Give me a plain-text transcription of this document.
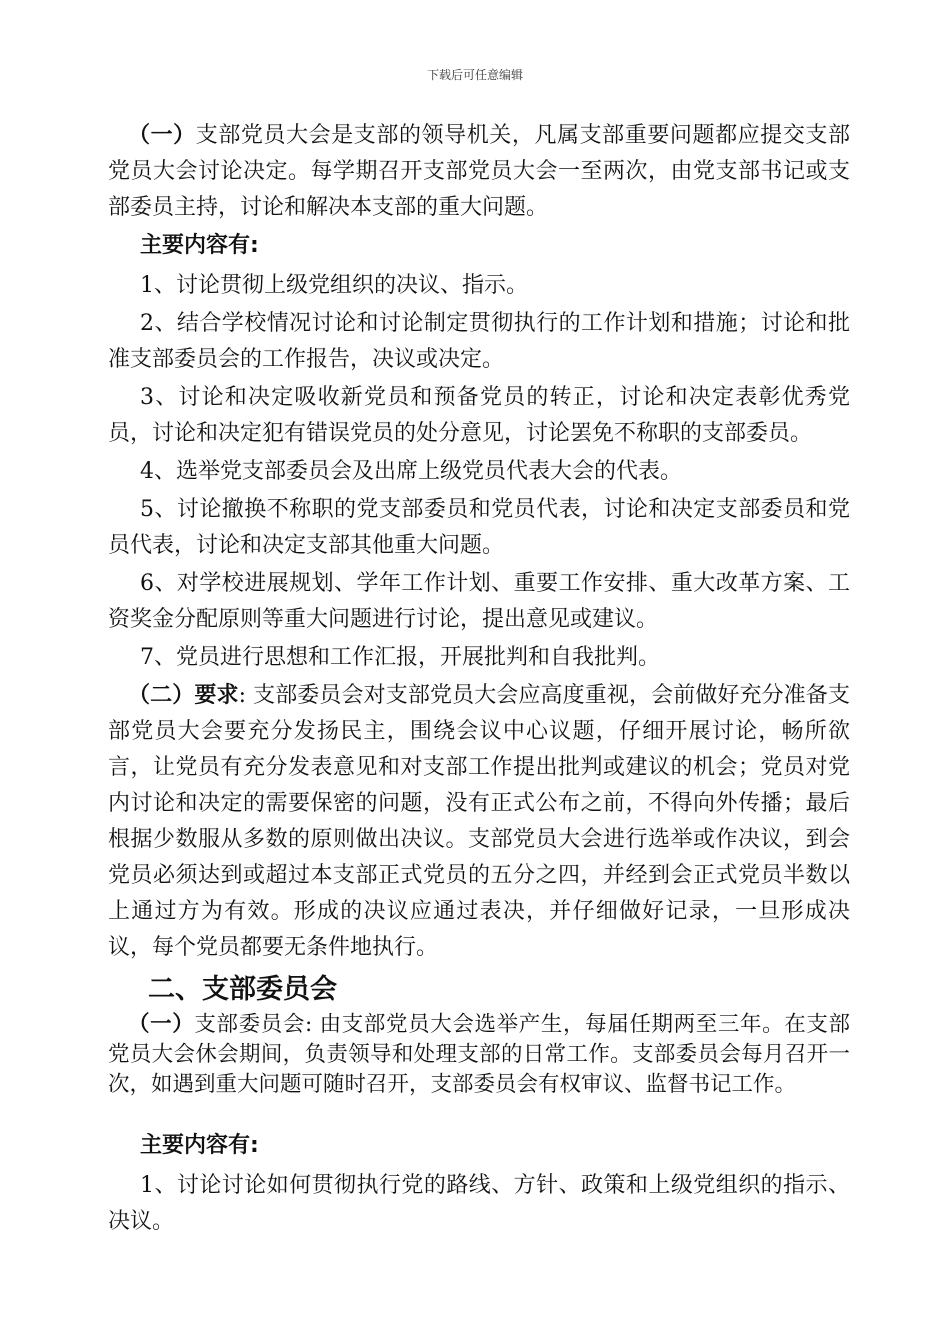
下载后可任意编辑

（一）支部党员大会是支部的领导机关，凡属支部重要问题都应提交支部党员大会讨论决定。每学期召开支部党员大会一至两次，由党支部书记或支部委员主持，讨论和解决本支部的重大问题。

主要内容有:

1、讨论贯彻上级党组织的决议、指示。

2、结合学校情况讨论和讨论制定贯彻执行的工作计划和措施；讨论和批准支部委员会的工作报告，决议或决定。

3、讨论和决定吸收新党员和预备党员的转正，讨论和决定表彰优秀党员，讨论和决定犯有错误党员的处分意见，讨论罢免不称职的支部委员。

4、选举党支部委员会及出席上级党员代表大会的代表。

5、讨论撤换不称职的党支部委员和党员代表，讨论和决定支部委员和党员代表，讨论和决定支部其他重大问题。

6、对学校进展规划、学年工作计划、重要工作安排、重大改革方案、工资奖金分配原则等重大问题进行讨论，提出意见或建议。

7、党员进行思想和工作汇报，开展批判和自我批判。

（二）要求: 支部委员会对支部党员大会应高度重视，会前做好充分准备支部党员大会要充分发扬民主，围绕会议中心议题，仔细开展讨论，畅所欲言，让党员有充分发表意见和对支部工作提出批判或建议的机会；党员对党内讨论和决定的需要保密的问题，没有正式公布之前，不得向外传播；最后根据少数服从多数的原则做出决议。支部党员大会进行选举或作决议，到会党员必须达到或超过本支部正式党员的五分之四，并经到会正式党员半数以上通过方为有效。形成的决议应通过表决，并仔细做好记录，一旦形成决议，每个党员都要无条件地执行。

二、支部委员会

（一）支部委员会: 由支部党员大会选举产生，每届任期两至三年。在支部党员大会休会期间，负责领导和处理支部的日常工作。支部委员会每月召开一次，如遇到重大问题可随时召开，支部委员会有权审议、监督书记工作。

主要内容有:

1、讨论讨论如何贯彻执行党的路线、方针、政策和上级党组织的指示、决议。
